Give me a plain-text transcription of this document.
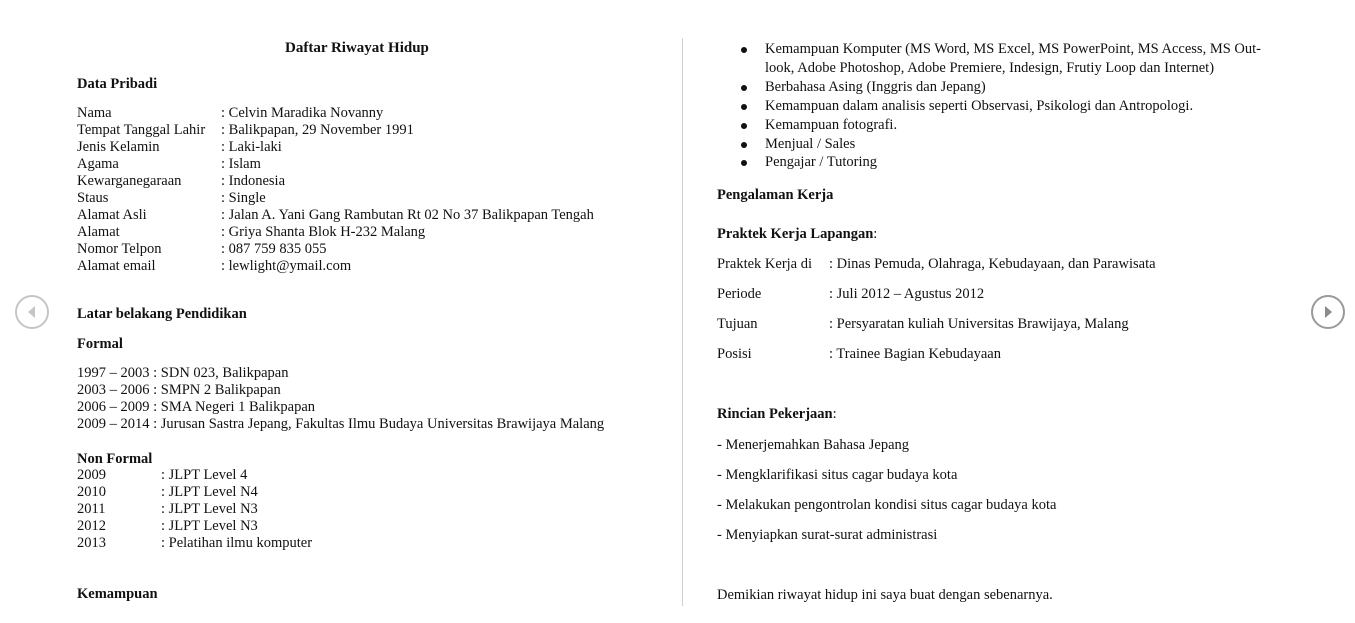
Daftar Riwayat Hidup
Data Pribadi
Nama	: Celvin Maradika Novanny
Tempat Tanggal Lahir	: Balikpapan, 29 November 1991
Jenis Kelamin	: Laki-laki
Agama	: Islam
Kewarganegaraan	: Indonesia
Staus	: Single
Alamat Asli	: Jalan A. Yani Gang Rambutan Rt 02 No 37 Balikpapan Tengah
Alamat	: Griya Shanta Blok H-232 Malang
Nomor Telpon	: 087 759 835 055
Alamat email	: lewlight@ymail.com
Latar belakang Pendidikan
Formal
1997 – 2003 : SDN 023, Balikpapan
2003 – 2006 : SMPN 2 Balikpapan
2006 – 2009 : SMA Negeri 1 Balikpapan
2009 – 2014 : Jurusan Sastra Jepang, Fakultas Ilmu Budaya Universitas Brawijaya Malang
Non Formal
2009	: JLPT Level 4
2010	: JLPT Level N4
2011	: JLPT Level N3
2012	: JLPT Level N3
2013	: Pelatihan ilmu komputer
Kemampuan
Kemampuan Komputer (MS Word, MS Excel, MS PowerPoint, MS Access, MS Out-
look, Adobe Photoshop, Adobe Premiere, Indesign, Frutiy Loop dan Internet)
Berbahasa Asing (Inggris dan Jepang)
Kemampuan dalam analisis seperti Observasi, Psikologi dan Antropologi.
Kemampuan fotografi.
Menjual / Sales
Pengajar / Tutoring
Pengalaman Kerja
Praktek Kerja Lapangan:
Praktek Kerja di	: Dinas Pemuda, Olahraga, Kebudayaan, dan Parawisata
Periode	: Juli 2012 – Agustus 2012
Tujuan	: Persyaratan kuliah Universitas Brawijaya, Malang
Posisi	: Trainee Bagian Kebudayaan
Rincian Pekerjaan:
- Menerjemahkan Bahasa Jepang
- Mengklarifikasi situs cagar budaya kota
- Melakukan pengontrolan kondisi situs cagar budaya kota
- Menyiapkan surat-surat administrasi
Demikian riwayat hidup ini saya buat dengan sebenarnya.
